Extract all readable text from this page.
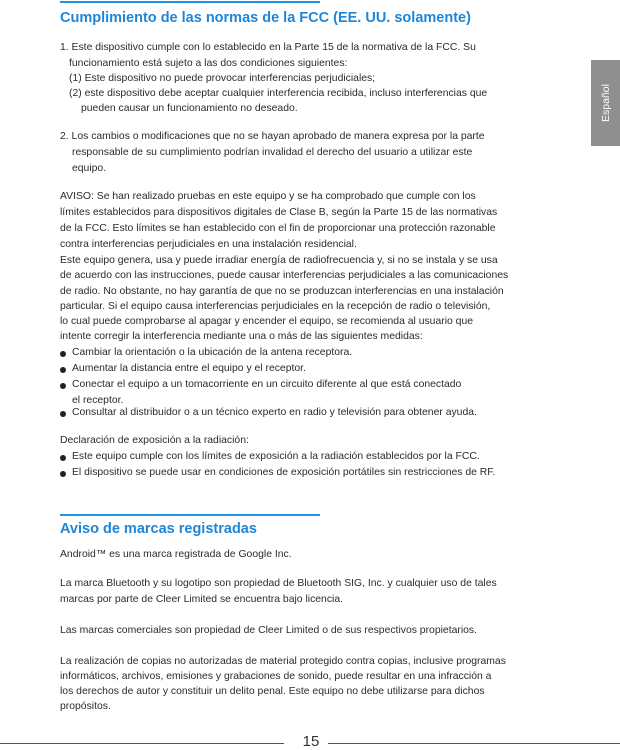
Español
Cumplimiento de las normas de la FCC (EE. UU. solamente)
1. Este dispositivo cumple con lo establecido en la Parte 15 de la normativa de la FCC. Su
funcionamiento está sujeto a las dos condiciones siguientes:
(1) Este dispositivo no puede provocar interferencias perjudiciales;
(2) este dispositivo debe aceptar cualquier interferencia recibida, incluso interferencias que
pueden causar un funcionamiento no deseado.
2. Los cambios o modificaciones que no se hayan aprobado de manera expresa por la parte
responsable de su cumplimiento podrían invalidad el derecho del usuario a utilizar este
equipo.
AVISO: Se han realizado pruebas en este equipo y se ha comprobado que cumple con los
límites establecidos para dispositivos digitales de Clase B, según la Parte 15 de las normativas
de la FCC. Esto límites se han establecido con el fin de proporcionar una protección razonable
contra interferencias perjudiciales en una instalación residencial.
Este equipo genera, usa y puede irradiar energía de radiofrecuencia y, si no se instala y se usa
de acuerdo con las instrucciones, puede causar interferencias perjudiciales a las comunicaciones
de radio. No obstante, no hay garantía de que no se produzcan interferencias en una instalación
particular. Si el equipo causa interferencias perjudiciales en la recepción de radio o televisión,
lo cual puede comprobarse al apagar y encender el equipo, se recomienda al usuario que
intente corregir la interferencia mediante una o más de las siguientes medidas:
Cambiar la orientación o la ubicación de la antena receptora.
Aumentar la distancia entre el equipo y el receptor.
Conectar el equipo a un tomacorriente en un circuito diferente al que está conectado
el receptor.
Consultar al distribuidor o a un técnico experto en radio y televisión para obtener ayuda.
Declaración de exposición a la radiación:
Este equipo cumple con los límites de exposición a la radiación establecidos por la FCC.
El dispositivo se puede usar en condiciones de exposición portátiles sin restricciones de RF.
Aviso de marcas registradas
Android™ es una marca registrada de Google Inc.
La marca Bluetooth y su logotipo son propiedad de Bluetooth SIG, Inc. y cualquier uso de tales
marcas por parte de Cleer Limited se encuentra bajo licencia.
Las marcas comerciales son propiedad de Cleer Limited o de sus respectivos propietarios.
La realización de copias no autorizadas de material protegido contra copias, inclusive programas
informáticos, archivos, emisiones y grabaciones de sonido, puede resultar en una infracción a
los derechos de autor y constituir un delito penal. Este equipo no debe utilizarse para dichos
propósitos.
15
